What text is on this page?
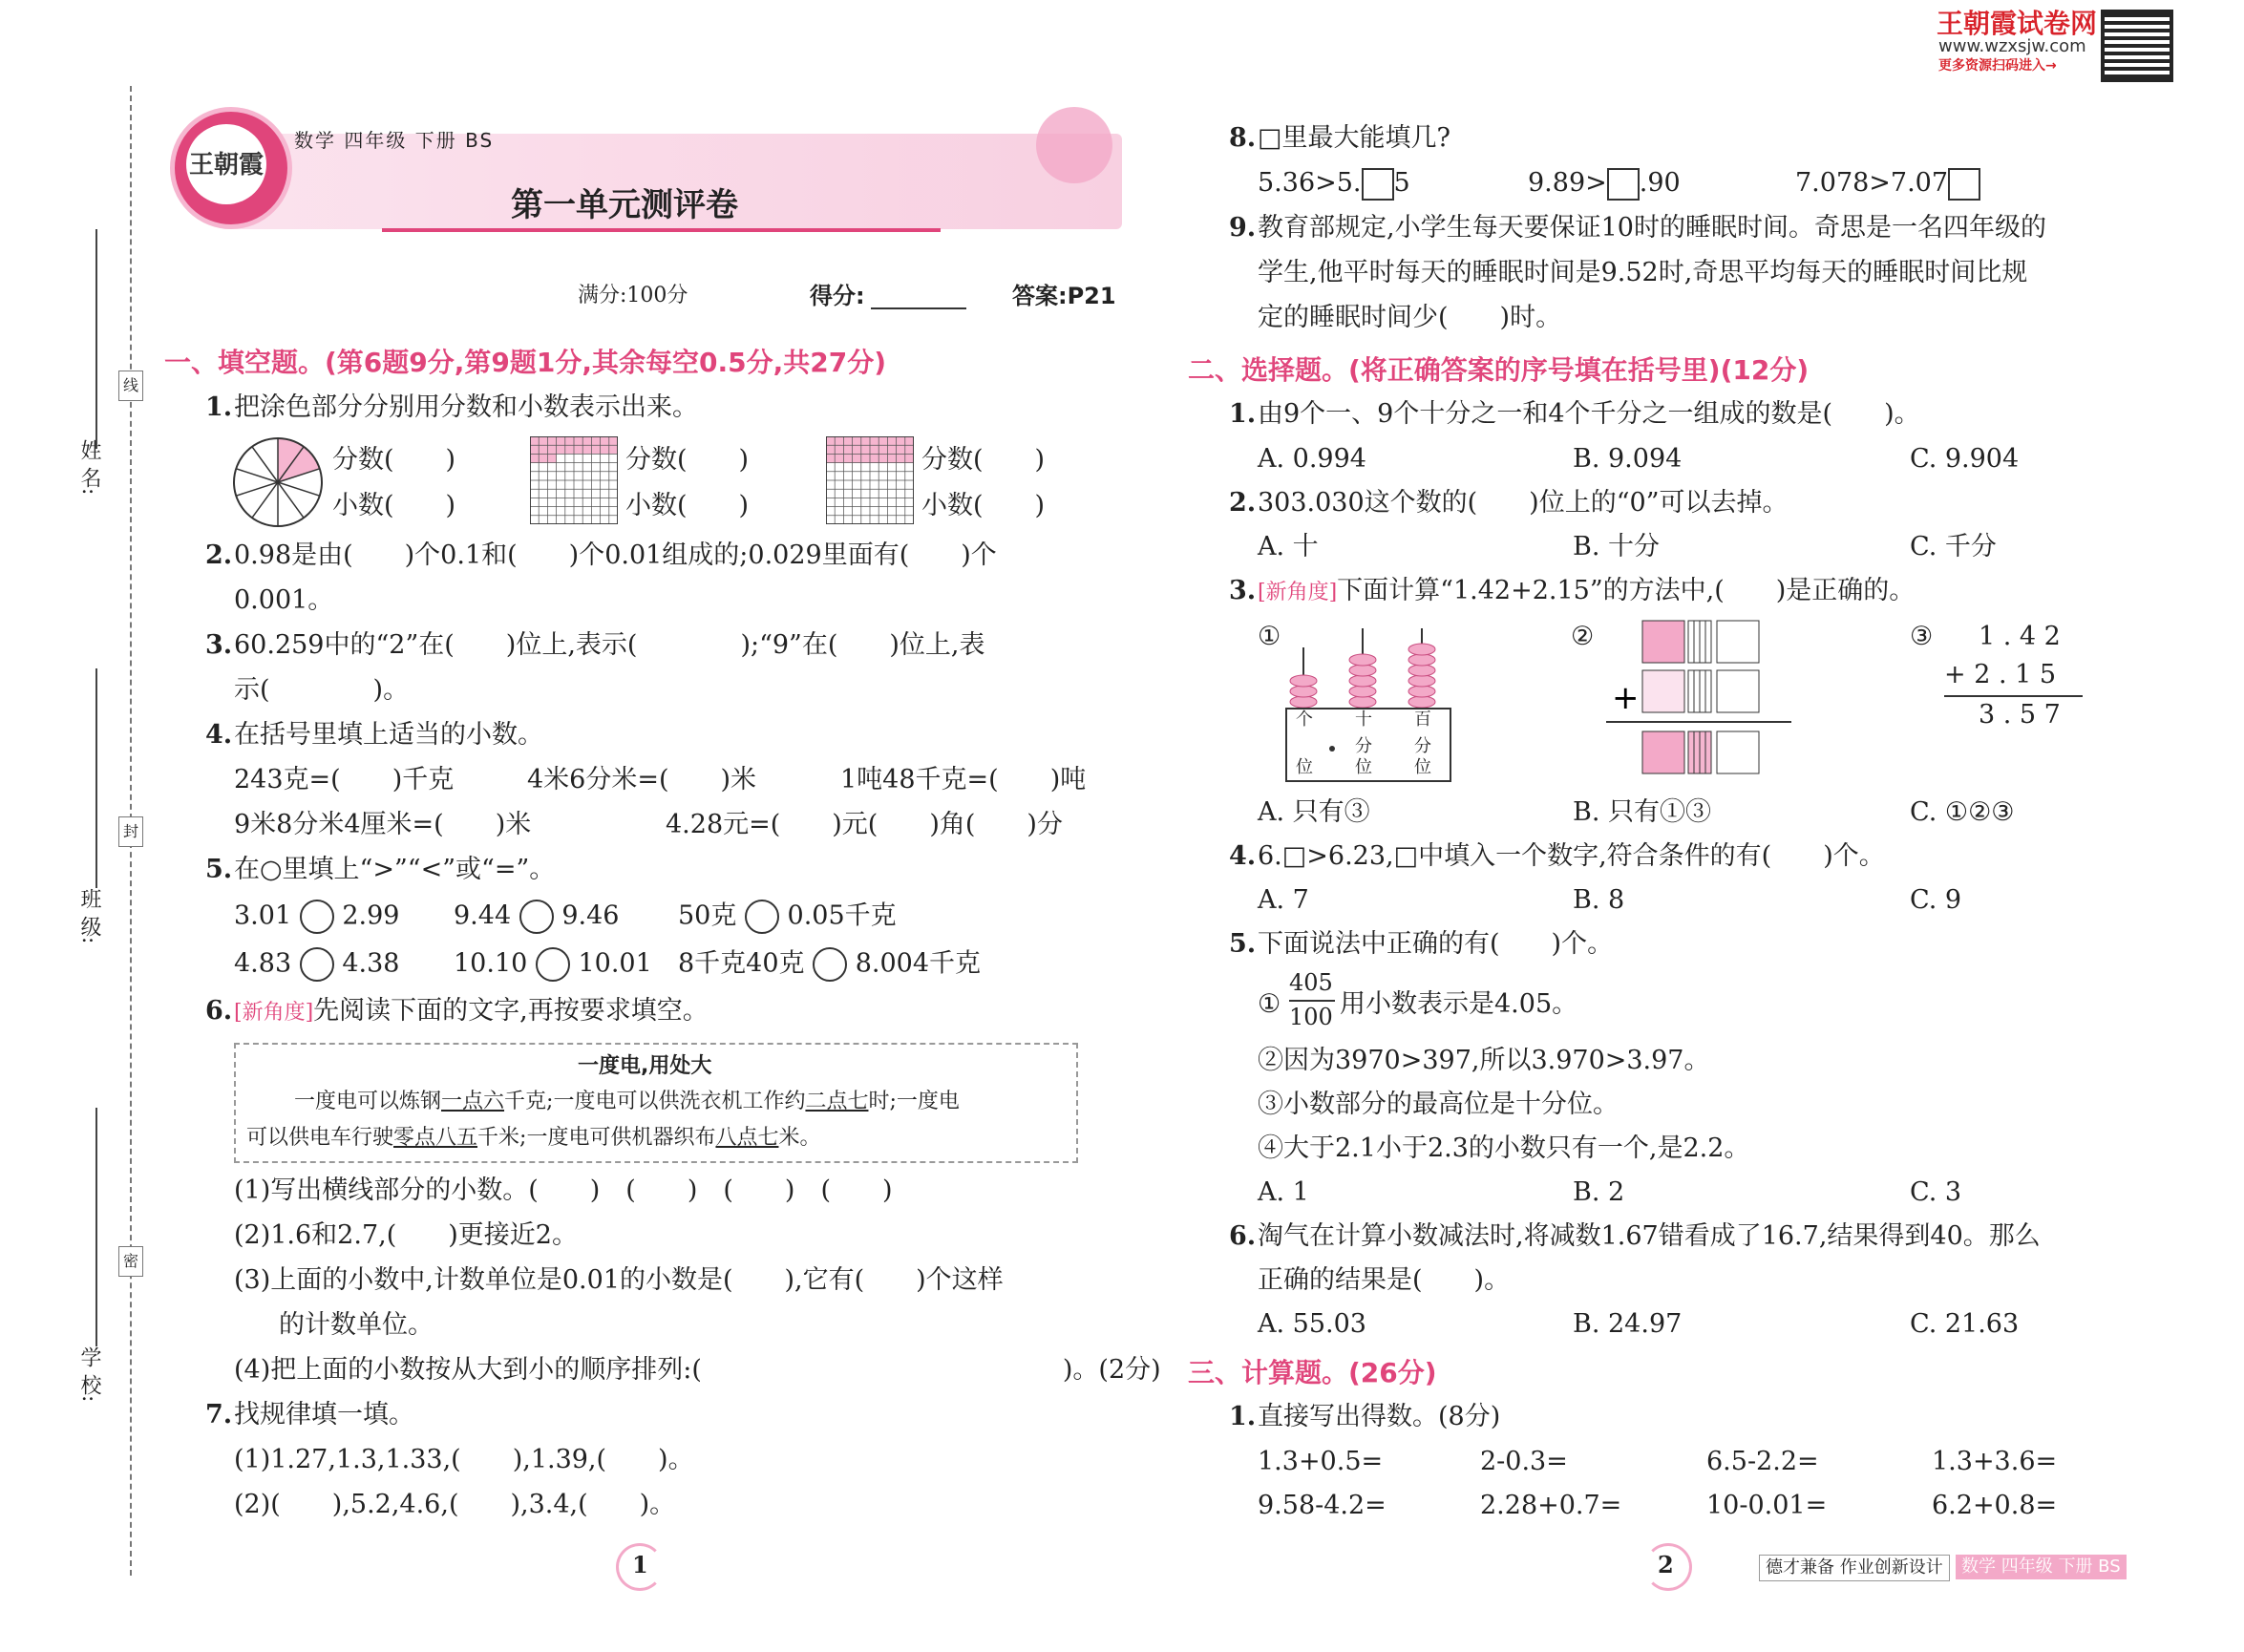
姓 名:
班 级:
学 校:
线
封
密
王朝霞
数学 四年级 下册 BS
第一单元测评卷
满分:100分	得分:	答案:P21
王朝霞试卷网
www.wzxsjw.com
更多资源扫码进入→
一、填空题。(第6题9分,第9题1分,其余每空0.5分,共27分)
1. 把涂色部分分别用分数和小数表示出来。
分数(　　)
小数(　　)
分数(　　)
小数(　　)
分数(　　)
小数(　　)
2. 0.98是由(　　)个0.1和(　　)个0.01组成的;0.029里面有(　　)个
0.001。
3. 60.259中的“2”在(　　)位上,表示(　　　　);“9”在(　　)位上,表
示(　　　　)。
4. 在括号里填上适当的小数。
243克=(　　)千克	4米6分米=(　　)米	1吨48千克=(　　)吨
9米8分米4厘米=(　　)米	4.28元=(　　)元(　　)角(　　)分
5. 在○里填上“>”“<”或“=”。
3.01 2.99 9.44 9.46 50克 0.05千克
4.83 4.38 10.10 10.01 8千克40克 8.004千克
6. [新角度]先阅读下面的文字,再按要求填空。
一度电,用处大
一度电可以炼钢一点六千克;一度电可以供洗衣机工作约二点七时;一度电
可以供电车行驶零点八五千米;一度电可供机器织布八点七米。
(1)写出横线部分的小数。(　　)　(　　)　(　　)　(　　)
(2)1.6和2.7,(　　)更接近2。
(3)上面的小数中,计数单位是0.01的小数是(　　),它有(　　)个这样
的计数单位。
(4)把上面的小数按从大到小的顺序排列:(　　　　　　　　　　　　　　)。(2分)
7. 找规律填一填。
(1)1.27,1.3,1.33,(　　),1.39,(　　)。
(2)(　　),5.2,4.6,(　　),3.4,(　　)。
1
8. □里最大能填几?
5.36>5. 5	9.89> .90	7.078>7.07
9. 教育部规定,小学生每天要保证10时的睡眠时间。奇思是一名四年级的
学生,他平时每天的睡眠时间是9.52时,奇思平均每天的睡眠时间比规
定的睡眠时间少(　　)时。
二、选择题。(将正确答案的序号填在括号里)(12分)
1. 由9个一、9个十分之一和4个千分之一组成的数是(　　)。
A. 0.994	B. 9.094	C. 9.904
2. 303.030这个数的(　　)位上的“0”可以去掉。
A. 十	B. 十分	C. 千分
3. [新角度]下面计算“1.42+2.15”的方法中,(　　)是正确的。
①
个 十 百
位
分 分
位 位
②
+
③ 1 . 4 2
+ 2 . 1 5
3 . 5 7
A. 只有③	B. 只有①③	C. ①②③
4. 6.□>6.23,□中填入一个数字,符合条件的有(　　)个。
A. 7	B. 8	C. 9
5. 下面说法中正确的有(　　)个。
①
405
100 用小数表示是4.05。
②因为3970>397,所以3.970>3.97。
③小数部分的最高位是十分位。
④大于2.1小于2.3的小数只有一个,是2.2。
A. 1	B. 2	C. 3
6. 淘气在计算小数减法时,将减数1.67错看成了16.7,结果得到40。那么
正确的结果是(　　)。
A. 55.03	B. 24.97	C. 21.63
三、计算题。(26分)
1. 直接写出得数。(8分)
1.3+0.5=	2-0.3=	6.5-2.2=	1.3+3.6=
9.58-4.2=	2.28+0.7=	10-0.01=	6.2+0.8=
2	德才兼备 作业创新设计	数学 四年级 下册 BS
